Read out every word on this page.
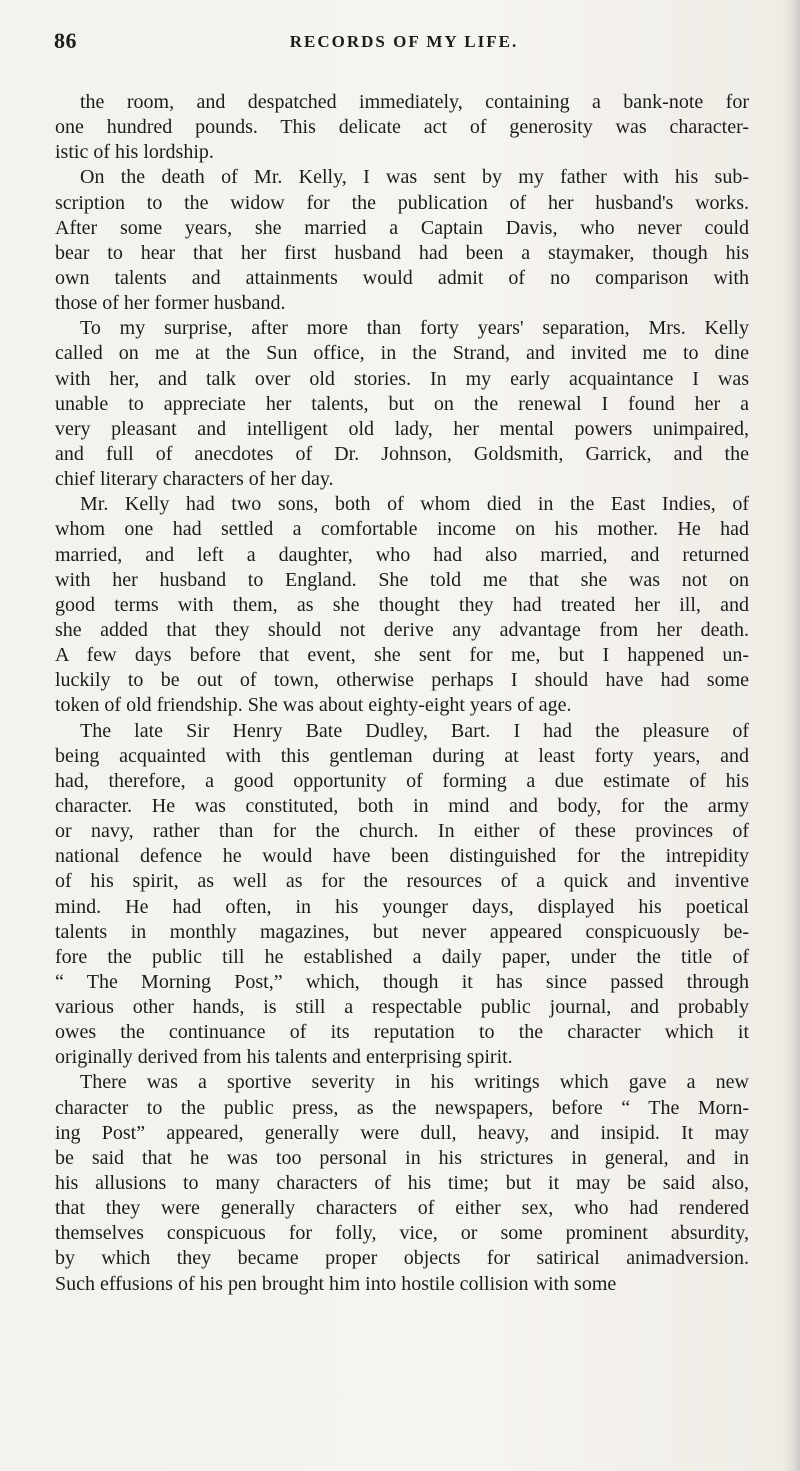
86	RECORDS OF MY LIFE.
the room, and despatched immediately, containing a bank-note for
one hundred pounds. This delicate act of generosity was character-
istic of his lordship.
On the death of Mr. Kelly, I was sent by my father with his sub-
scription to the widow for the publication of her husband's works.
After some years, she married a Captain Davis, who never could
bear to hear that her first husband had been a staymaker, though his
own talents and attainments would admit of no comparison with
those of her former husband.
To my surprise, after more than forty years' separation, Mrs. Kelly
called on me at the Sun office, in the Strand, and invited me to dine
with her, and talk over old stories. In my early acquaintance I was
unable to appreciate her talents, but on the renewal I found her a
very pleasant and intelligent old lady, her mental powers unimpaired,
and full of anecdotes of Dr. Johnson, Goldsmith, Garrick, and the
chief literary characters of her day.
Mr. Kelly had two sons, both of whom died in the East Indies, of
whom one had settled a comfortable income on his mother. He had
married, and left a daughter, who had also married, and returned
with her husband to England. She told me that she was not on
good terms with them, as she thought they had treated her ill, and
she added that they should not derive any advantage from her death.
A few days before that event, she sent for me, but I happened un-
luckily to be out of town, otherwise perhaps I should have had some
token of old friendship. She was about eighty-eight years of age.
The late Sir Henry Bate Dudley, Bart. I had the pleasure of
being acquainted with this gentleman during at least forty years, and
had, therefore, a good opportunity of forming a due estimate of his
character. He was constituted, both in mind and body, for the army
or navy, rather than for the church. In either of these provinces of
national defence he would have been distinguished for the intrepidity
of his spirit, as well as for the resources of a quick and inventive
mind. He had often, in his younger days, displayed his poetical
talents in monthly magazines, but never appeared conspicuously be-
fore the public till he established a daily paper, under the title of
“ The Morning Post,” which, though it has since passed through
various other hands, is still a respectable public journal, and probably
owes the continuance of its reputation to the character which it
originally derived from his talents and enterprising spirit.
There was a sportive severity in his writings which gave a new
character to the public press, as the newspapers, before “ The Morn-
ing Post” appeared, generally were dull, heavy, and insipid. It may
be said that he was too personal in his strictures in general, and in
his allusions to many characters of his time; but it may be said also,
that they were generally characters of either sex, who had rendered
themselves conspicuous for folly, vice, or some prominent absurdity,
by which they became proper objects for satirical animadversion.
Such effusions of his pen brought him into hostile collision with some
